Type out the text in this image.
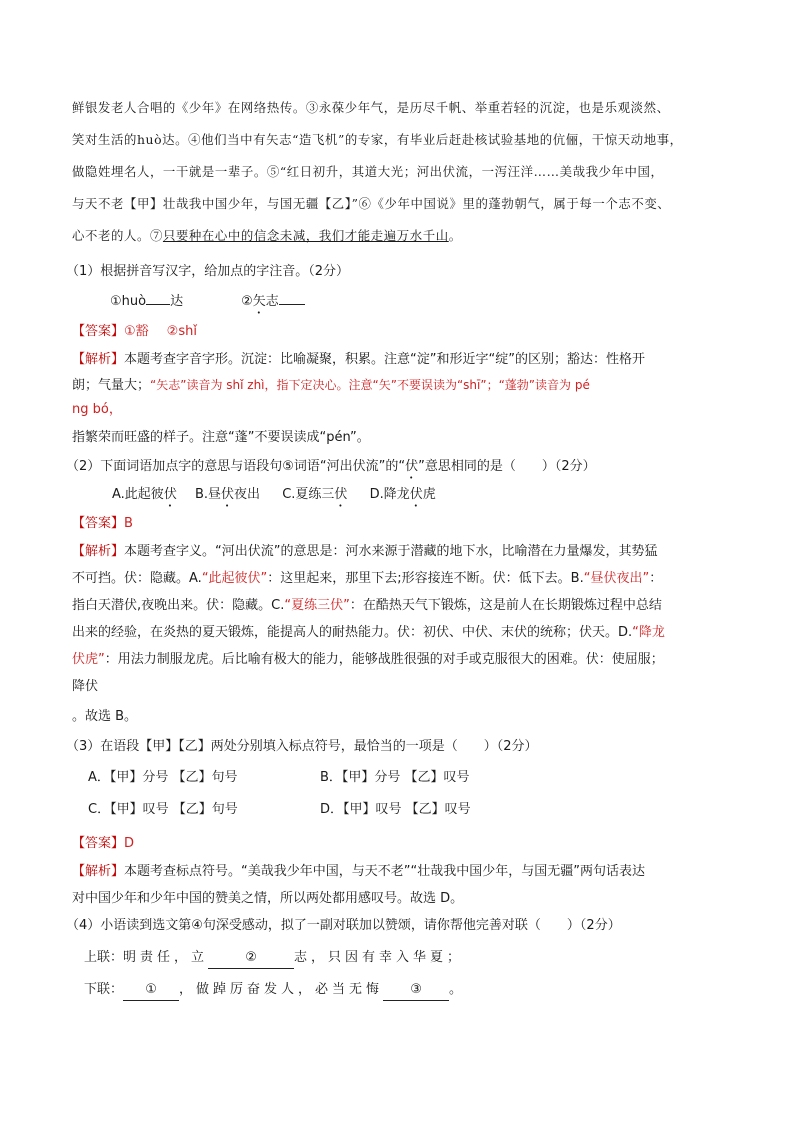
鲜银发老人合唱的《少年》在网络热传。③永葆少年气，是历尽千帆、举重若轻的沉淀，也是乐观淡然、
笑对生活的huò达。④他们当中有矢志“造飞机”的专家，有毕业后赶赴核试验基地的伉俪，干惊天动地事，
做隐姓埋名人，一干就是一辈子。⑤“红日初升，其道大光；河出伏流，一泻汪洋……美哉我少年中国，
与天不老【甲】壮哉我中国少年，与国无疆【乙】”⑥《少年中国说》里的蓬勃朝气，属于每一个志不变、
心不老的人。⑦只要种在心中的信念未减，我们才能走遍万水千山。
（1）根据拼音写汉字，给加点的字注音。（2分）
①huò 达	②矢志
【答案】①豁 ②shǐ
【解析】本题考查字音字形。沉淀：比喻凝聚，积累。注意“淀”和形近字“绽”的区别；豁达：性格开
朗；气量大；“矢志”读音为 shǐ zhì，指下定决心。注意“矢”不要误读为“shī”；“蓬勃”读音为 pé
ng bó，
指繁荣而旺盛的样子。注意“蓬”不要误读成“pén”。
（2）下面词语加点字的意思与语段句⑤词语“河出伏流”的“伏”意思相同的是（　　）（2分）
A.此起彼伏 B.昼伏夜出 C.夏练三伏 D.降龙伏虎
【答案】B
【解析】本题考查字义。“河出伏流”的意思是：河水来源于潜藏的地下水，比喻潜在力量爆发，其势猛
不可挡。伏：隐藏。A.“此起彼伏”：这里起来，那里下去;形容接连不断。伏：低下去。B.“昼伏夜出”：
指白天潜伏,夜晚出来。伏：隐藏。C.“夏练三伏”：在酷热天气下锻炼，这是前人在长期锻炼过程中总结
出来的经验，在炎热的夏天锻炼，能提高人的耐热能力。伏：初伏、中伏、末伏的统称；伏天。D.“降龙
伏虎”：用法力制服龙虎。后比喻有极大的能力，能够战胜很强的对手或克服很大的困难。伏：使屈服；
降伏
。故选 B。
（3）在语段【甲】【乙】两处分别填入标点符号，最恰当的一项是（　　）（2分）
A．【甲】分号 【乙】句号	B．【甲】分号 【乙】叹号
C．【甲】叹号 【乙】句号	D．【甲】叹号 【乙】叹号
【答案】D
【解析】本题考查标点符号。“美哉我少年中国，与天不老”“壮哉我中国少年，与国无疆”两句话表达
对中国少年和少年中国的赞美之情，所以两处都用感叹号。故选 D。
（4）小语读到选文第④句深受感动，拟了一副对联加以赞颂，请你帮他完善对联（　　）（2分）
上联：明责任，立	②	志，只因有幸入华夏；
下联： ① ，做踔厉奋发人，必当无悔 ③ 。
